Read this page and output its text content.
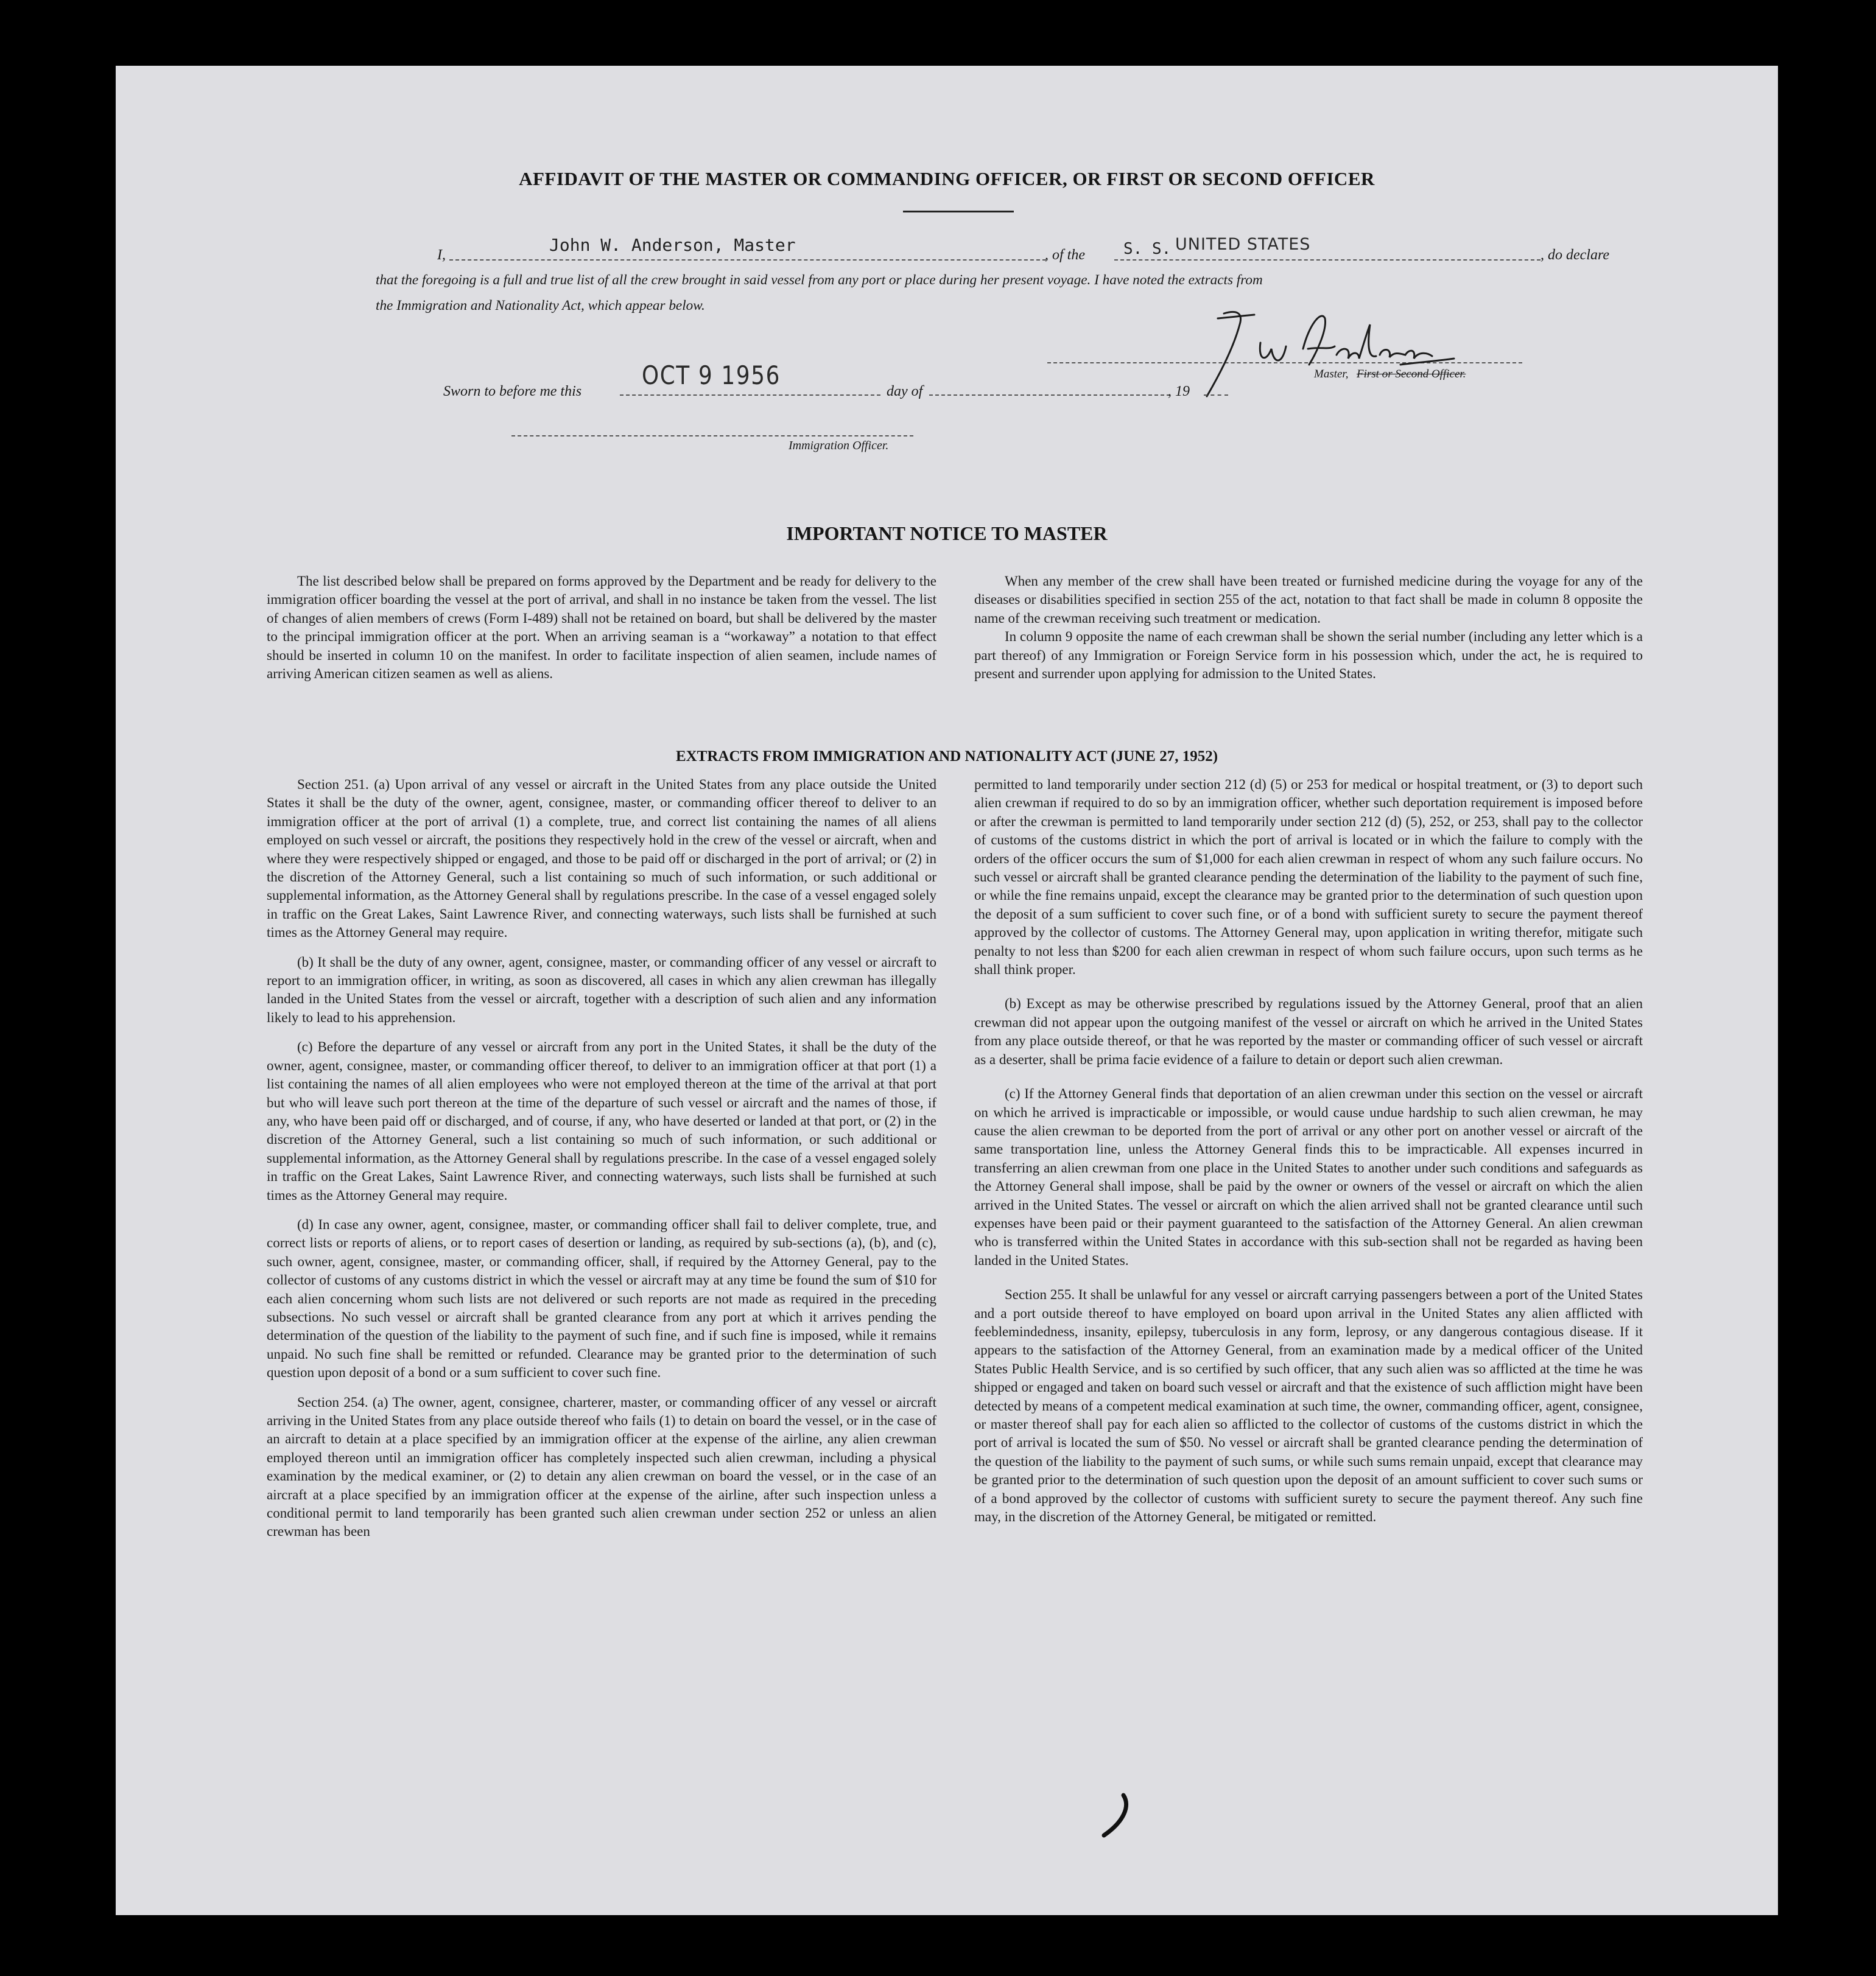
AFFIDAVIT OF THE MASTER OR COMMANDING OFFICER, OR FIRST OR SECOND OFFICER
I,	John W. Anderson, Master	, of the S. S. UNITED STATES
, do declare
that the foregoing is a full and true list of all the crew brought in said vessel from any port or place during her present voyage. I have noted the extracts from
the Immigration and Nationality Act, which appear below.
Master, First or Second Officer.
Sworn to before me this
OCT 9 1956
day of	, 19
Immigration Officer.
IMPORTANT NOTICE TO MASTER

The list described below shall be prepared on forms approved by the Department and be ready for delivery to the immigration officer boarding the vessel at the port of arrival, and shall in no instance be taken from the vessel. The list of changes of alien members of crews (Form I-489) shall not be retained on board, but shall be delivered by the master to the principal immigration officer at the port. When an arriving seaman is a “workaway” a notation to that effect should be inserted in column 10 on the manifest. In order to facilitate inspection of alien seamen, include names of arriving American citizen seamen as well as aliens.

When any member of the crew shall have been treated or furnished medicine during the voyage for any of the diseases or disabilities specified in section 255 of the act, notation to that fact shall be made in column 8 opposite the name of the crewman receiving such treatment or medication.

In column 9 opposite the name of each crewman shall be shown the serial number (including any letter which is a part thereof) of any Immigration or Foreign Service form in his possession which, under the act, he is required to present and surrender upon applying for admission to the United States.

EXTRACTS FROM IMMIGRATION AND NATIONALITY ACT (JUNE 27, 1952)

Section 251. (a) Upon arrival of any vessel or aircraft in the United States from any place outside the United States it shall be the duty of the owner, agent, consignee, master, or commanding officer thereof to deliver to an immigration officer at the port of arrival (1) a complete, true, and correct list containing the names of all aliens employed on such vessel or aircraft, the positions they respectively hold in the crew of the vessel or aircraft, when and where they were respectively shipped or engaged, and those to be paid off or discharged in the port of arrival; or (2) in the discretion of the Attorney General, such a list containing so much of such information, or such additional or supplemental information, as the Attorney General shall by regulations prescribe. In the case of a vessel engaged solely in traffic on the Great Lakes, Saint Lawrence River, and connecting waterways, such lists shall be furnished at such times as the Attorney General may require.

(b) It shall be the duty of any owner, agent, consignee, master, or commanding officer of any vessel or aircraft to report to an immigration officer, in writing, as soon as discovered, all cases in which any alien crewman has illegally landed in the United States from the vessel or aircraft, together with a description of such alien and any information likely to lead to his apprehension.

(c) Before the departure of any vessel or aircraft from any port in the United States, it shall be the duty of the owner, agent, consignee, master, or commanding officer thereof, to deliver to an immigration officer at that port (1) a list containing the names of all alien employees who were not employed thereon at the time of the arrival at that port but who will leave such port thereon at the time of the departure of such vessel or aircraft and the names of those, if any, who have been paid off or discharged, and of course, if any, who have deserted or landed at that port, or (2) in the discretion of the Attorney General, such a list containing so much of such information, or such additional or supplemental information, as the Attorney General shall by regulations prescribe. In the case of a vessel engaged solely in traffic on the Great Lakes, Saint Lawrence River, and connecting waterways, such lists shall be furnished at such times as the Attorney General may require.

(d) In case any owner, agent, consignee, master, or commanding officer shall fail to deliver complete, true, and correct lists or reports of aliens, or to report cases of desertion or landing, as required by sub-sections (a), (b), and (c), such owner, agent, consignee, master, or commanding officer, shall, if required by the Attorney General, pay to the collector of customs of any customs district in which the vessel or aircraft may at any time be found the sum of $10 for each alien concerning whom such lists are not delivered or such reports are not made as required in the preceding subsections. No such vessel or aircraft shall be granted clearance from any port at which it arrives pending the determination of the question of the liability to the payment of such fine, and if such fine is imposed, while it remains unpaid. No such fine shall be remitted or refunded. Clearance may be granted prior to the determination of such question upon deposit of a bond or a sum sufficient to cover such fine.

Section 254. (a) The owner, agent, consignee, charterer, master, or commanding officer of any vessel or aircraft arriving in the United States from any place outside thereof who fails (1) to detain on board the vessel, or in the case of an aircraft to detain at a place specified by an immigration officer at the expense of the airline, any alien crewman employed thereon until an immigration officer has completely inspected such alien crewman, including a physical examination by the medical examiner, or (2) to detain any alien crewman on board the vessel, or in the case of an aircraft at a place specified by an immigration officer at the expense of the airline, after such inspection unless a conditional permit to land temporarily has been granted such alien crewman under section 252 or unless an alien crewman has been

permitted to land temporarily under section 212 (d) (5) or 253 for medical or hospital treatment, or (3) to deport such alien crewman if required to do so by an immigration officer, whether such deportation requirement is imposed before or after the crewman is permitted to land temporarily under section 212 (d) (5), 252, or 253, shall pay to the collector of customs of the customs district in which the port of arrival is located or in which the failure to comply with the orders of the officer occurs the sum of $1,000 for each alien crewman in respect of whom any such failure occurs. No such vessel or aircraft shall be granted clearance pending the determination of the liability to the payment of such fine, or while the fine remains unpaid, except the clearance may be granted prior to the determination of such question upon the deposit of a sum sufficient to cover such fine, or of a bond with sufficient surety to secure the payment thereof approved by the collector of customs. The Attorney General may, upon application in writing therefor, mitigate such penalty to not less than $200 for each alien crewman in respect of whom such failure occurs, upon such terms as he shall think proper.

(b) Except as may be otherwise prescribed by regulations issued by the Attorney General, proof that an alien crewman did not appear upon the outgoing manifest of the vessel or aircraft on which he arrived in the United States from any place outside thereof, or that he was reported by the master or commanding officer of such vessel or aircraft as a deserter, shall be prima facie evidence of a failure to detain or deport such alien crewman.

(c) If the Attorney General finds that deportation of an alien crewman under this section on the vessel or aircraft on which he arrived is impracticable or impossible, or would cause undue hardship to such alien crewman, he may cause the alien crewman to be deported from the port of arrival or any other port on another vessel or aircraft of the same transportation line, unless the Attorney General finds this to be impracticable. All expenses incurred in transferring an alien crewman from one place in the United States to another under such conditions and safeguards as the Attorney General shall impose, shall be paid by the owner or owners of the vessel or aircraft on which the alien arrived in the United States. The vessel or aircraft on which the alien arrived shall not be granted clearance until such expenses have been paid or their payment guaranteed to the satisfaction of the Attorney General. An alien crewman who is transferred within the United States in accordance with this sub-section shall not be regarded as having been landed in the United States.

Section 255. It shall be unlawful for any vessel or aircraft carrying passengers between a port of the United States and a port outside thereof to have employed on board upon arrival in the United States any alien afflicted with feeblemindedness, insanity, epilepsy, tuberculosis in any form, leprosy, or any dangerous contagious disease. If it appears to the satisfaction of the Attorney General, from an examination made by a medical officer of the United States Public Health Service, and is so certified by such officer, that any such alien was so afflicted at the time he was shipped or engaged and taken on board such vessel or aircraft and that the existence of such affliction might have been detected by means of a competent medical examination at such time, the owner, commanding officer, agent, consignee, or master thereof shall pay for each alien so afflicted to the collector of customs of the customs district in which the port of arrival is located the sum of $50. No vessel or aircraft shall be granted clearance pending the determination of the question of the liability to the payment of such sums, or while such sums remain unpaid, except that clearance may be granted prior to the determination of such question upon the deposit of an amount sufficient to cover such sums or of a bond approved by the collector of customs with sufficient surety to secure the payment thereof. Any such fine may, in the discretion of the Attorney General, be mitigated or remitted.
